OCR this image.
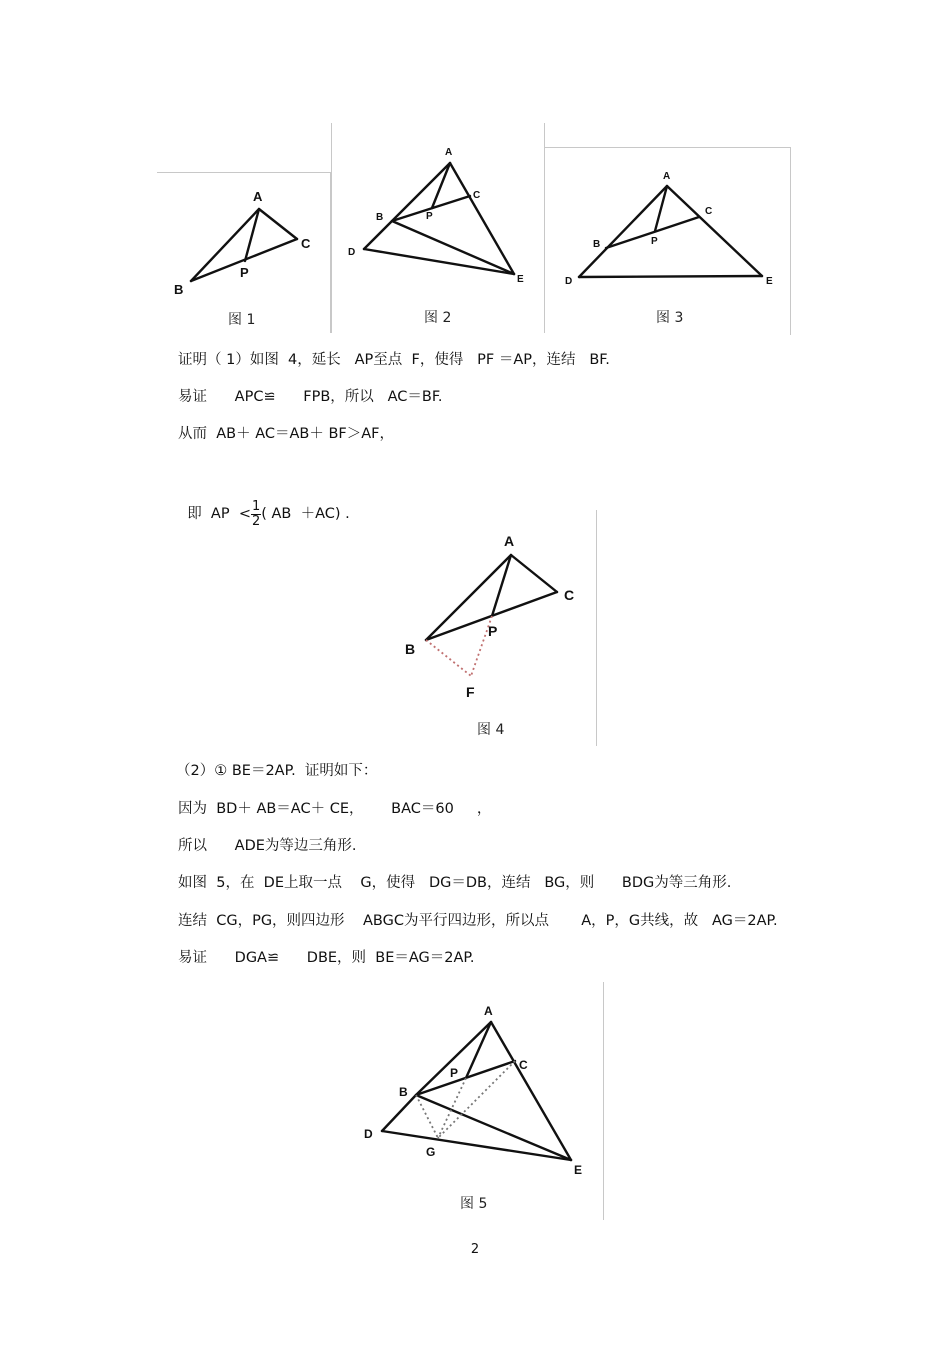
A
B
C
P
图 1
A
B
C
P
D
E
图 2
A
B
C
P
D	E
图 3
证明（ 1）如图  4，延长   AP至点  F，使得   PF ＝AP，连结   BF.
易证      APC≌      FPB，所以   AC＝BF.
从而  AB＋ AC＝AB＋ BF＞AF，

即  AP  < $\frac{1}{2}$ ( AB  ＋AC) .

A
B
C
P
F
图 4
（2）① BE＝2AP.  证明如下：
因为  BD＋ AB＝AC＋ CE，      BAC＝60     ，
所以      ADE为等边三角形.
如图  5，在  DE上取一点    G，使得   DG＝DB，连结   BG，则      BDG为等三角形.
连结  CG，PG，则四边形    ABGC为平行四边形，所以点       A，P，G共线，故   AG＝2AP.
易证      DGA≌      DBE，则  BE＝AG＝2AP.
A
B
C
P
D
E
G
图 5
2
